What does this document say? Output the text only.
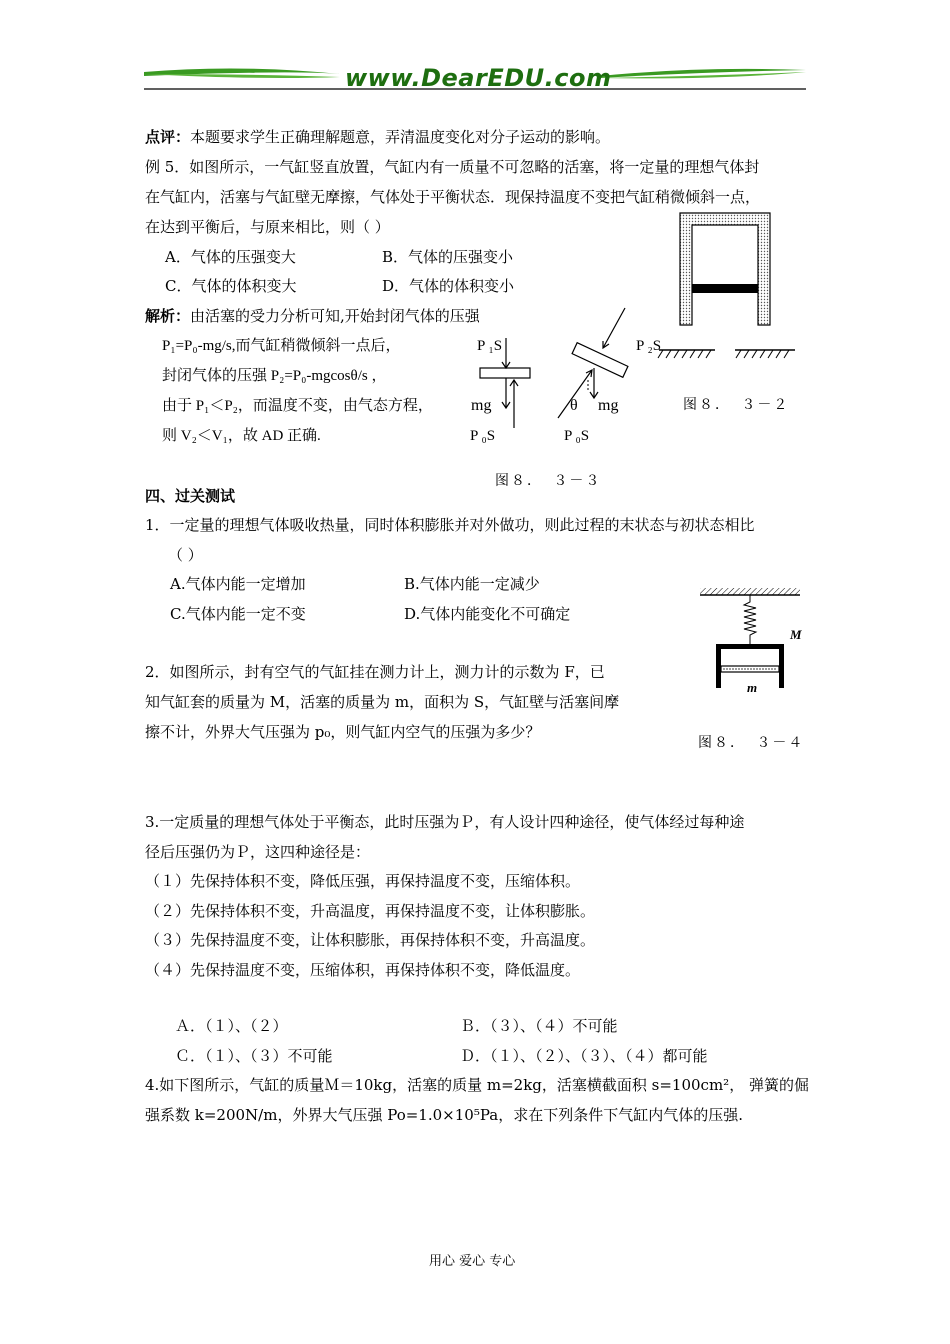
www.DearEDU.com
点评：本题要求学生正确理解题意，弄清温度变化对分子运动的影响。
例 5．如图所示，一气缸竖直放置，气缸内有一质量不可忽略的活塞，将一定量的理想气体封
在气缸内，活塞与气缸壁无摩擦，气体处于平衡状态．现保持温度不变把气缸稍微倾斜一点，
在达到平衡后，与原来相比，则（ ）
A．气体的压强变大	B．气体的压强变小
C．气体的体积变大	D．气体的体积变小
解析：由活塞的受力分析可知,开始封闭气体的压强
P₁=P₀-mg/s,而气缸稍微倾斜一点后，
封闭气体的压强 P₂=P₀-mgcosθ/s ，
由于 P₁＜P₂，而温度不变，由气态方程，
则 V₂＜V₁，故 AD 正确.
P ₁S	P ₂S
mg	θ mg
P ₀S	P ₀S
图８． ３－３
图８． ３－２
四、过关测试
1．一定量的理想气体吸收热量，同时体积膨胀并对外做功，则此过程的末状态与初状态相比
（ ）
A.气体内能一定增加	B.气体内能一定减少
C.气体内能一定不变	D.气体内能变化不可确定
M
m
图８． ３－４
2．如图所示，封有空气的气缸挂在测力计上，测力计的示数为 F，已
知气缸套的质量为 M，活塞的质量为 m，面积为 S，气缸壁与活塞间摩
擦不计，外界大气压强为 p₀，则气缸内空气的压强为多少？
3.一定质量的理想气体处于平衡态，此时压强为Ｐ，有人设计四种途径，使气体经过每种途
径后压强仍为Ｐ，这四种途径是：
（１）先保持体积不变，降低压强，再保持温度不变，压缩体积。
（２）先保持体积不变，升高温度，再保持温度不变，让体积膨胀。
（３）先保持温度不变，让体积膨胀，再保持体积不变，升高温度。
（４）先保持温度不变，压缩体积，再保持体积不变，降低温度。
Ａ．（１）、（２）	Ｂ．（３）、（４）不可能
Ｃ．（１）、（３）不可能	Ｄ．（１）、（２）、（３）、（４）都可能
4.如下图所示，气缸的质量Ｍ＝10kg，活塞的质量 m=2kg，活塞横截面积 s=100cm²， 弹簧的倔
强系数 k=200N/m，外界大气压强 Po=1.0×10⁵Pa，求在下列条件下气缸内气体的压强.
用心 爱心 专心
